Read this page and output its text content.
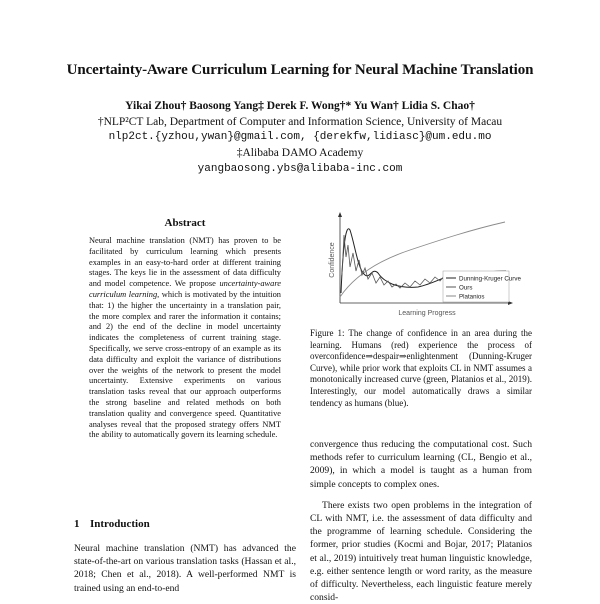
Uncertainty-Aware Curriculum Learning for Neural Machine Translation
Yikai Zhou† Baosong Yang‡ Derek F. Wong†* Yu Wan† Lidia S. Chao†
†NLP²CT Lab, Department of Computer and Information Science, University of Macau
nlp2ct.{yzhou,ywan}@gmail.com, {derekfw,lidiasc}@um.edu.mo
‡Alibaba DAMO Academy
yangbaosong.ybs@alibaba-inc.com
Abstract
Neural machine translation (NMT) has proven to be facilitated by curriculum learning which presents examples in an easy-to-hard order at different training stages. The keys lie in the assessment of data difficulty and model competence. We propose uncertainty-aware curriculum learning, which is motivated by the intuition that: 1) the higher the uncertainty in a translation pair, the more complex and rarer the information it contains; and 2) the end of the decline in model uncertainty indicates the completeness of current training stage. Specifically, we serve cross-entropy of an example as its data difficulty and exploit the variance of distributions over the weights of the network to present the model uncertainty. Extensive experiments on various translation tasks reveal that our approach outperforms the strong baseline and related methods on both translation quality and convergence speed. Quantitative analyses reveal that the proposed strategy offers NMT the ability to automatically govern its learning schedule.
1 Introduction
Neural machine translation (NMT) has advanced the state-of-the-art on various translation tasks (Hassan et al., 2018; Chen et al., 2018). A well-performed NMT is trained using an end-to-end
Confidence
Learning Progress
Dunning-Kruger Curve
Ours
Platanios
Figure 1: The change of confidence in an area during the learning. Humans (red) experience the process of overconfidence⇒despair⇒enlightenment (Dunning-Kruger Curve), while prior work that exploits CL in NMT assumes a monotonically increased curve (green, Platanios et al., 2019). Interestingly, our model automatically draws a similar tendency as humans (blue).

convergence thus reducing the computational cost. Such methods refer to curriculum learning (CL, Bengio et al., 2009), in which a model is taught as a human from simple concepts to complex ones.

There exists two open problems in the integration of CL with NMT, i.e. the assessment of data difficulty and the programme of learning schedule. Considering the former, prior studies (Kocmi and Bojar, 2017; Platanios et al., 2019) intuitively treat human linguistic knowledge, e.g. either sentence length or word rarity, as the measure of difficulty. Nevertheless, each linguistic feature merely consid-
